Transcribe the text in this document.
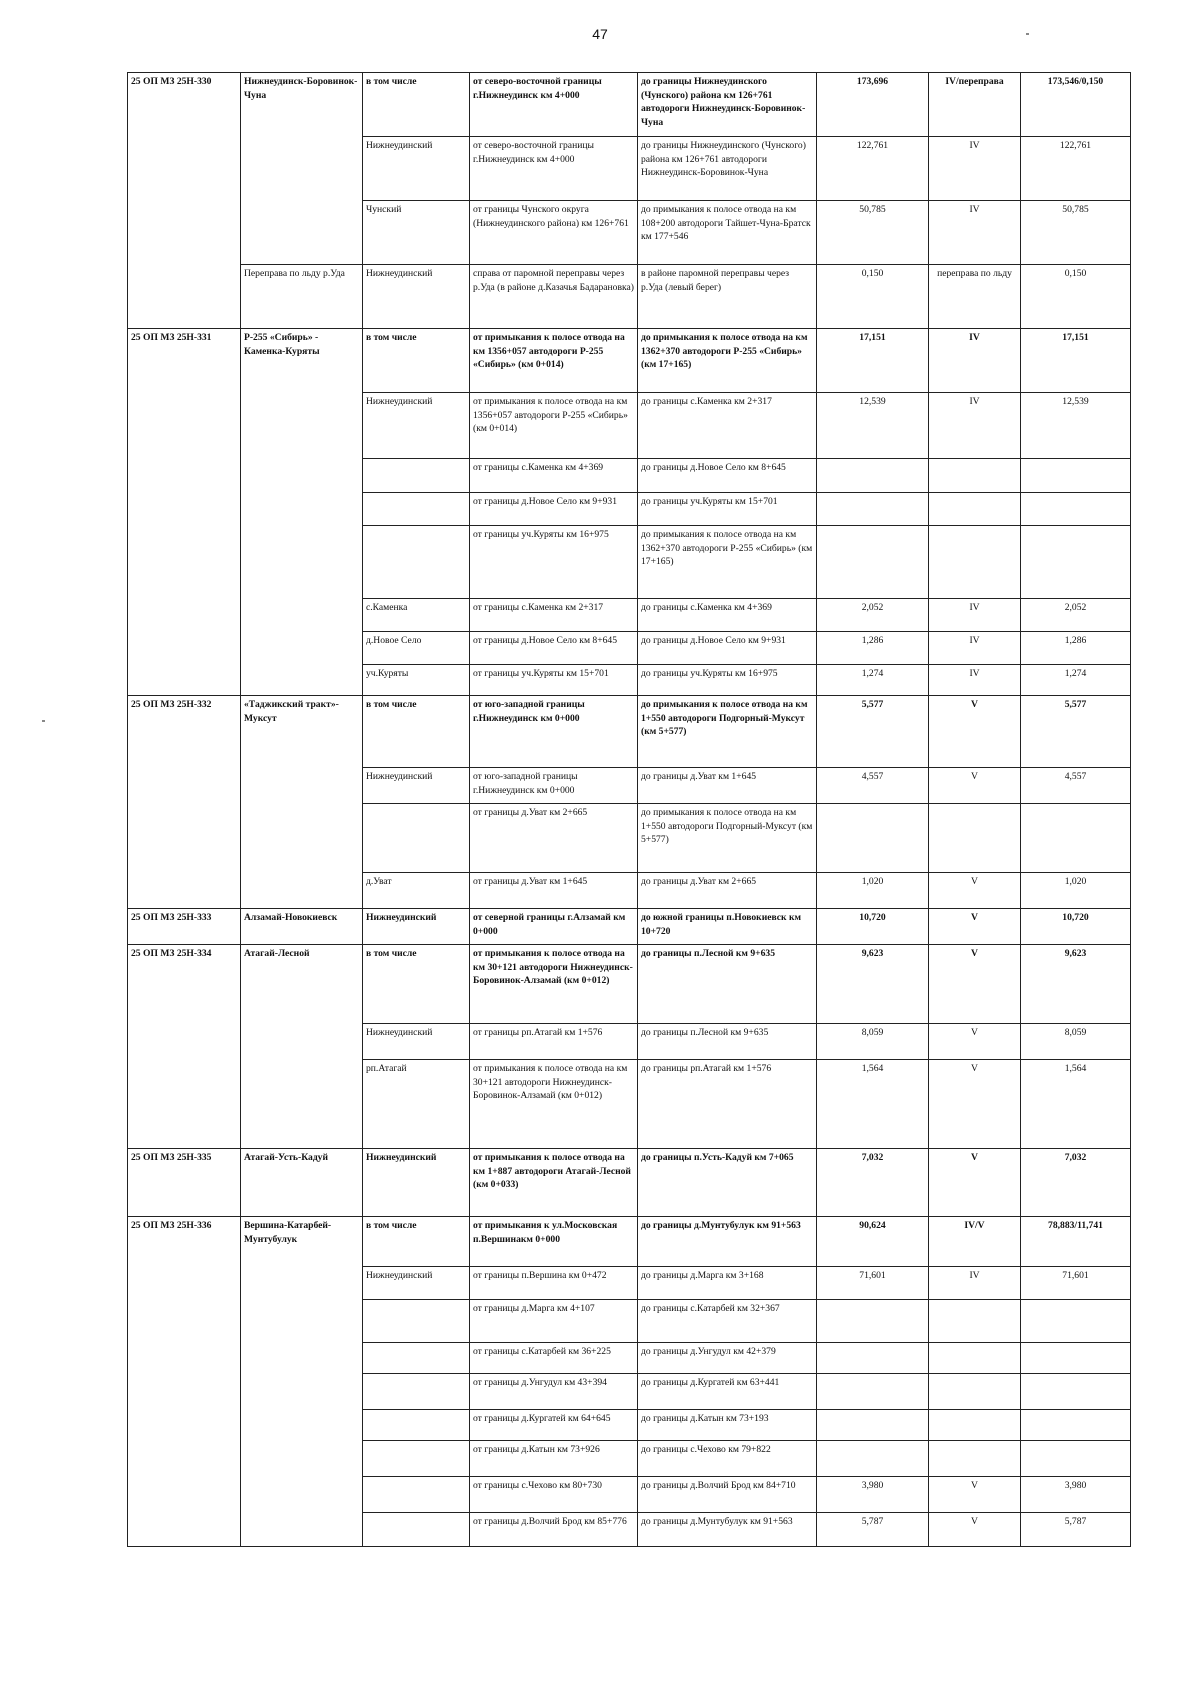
47
25 ОП МЗ 25Н-330	Нижнеудинск-Боровинок-Чуна	в том числе	от северо-восточной границы г.Нижнеудинск км 4+000	до границы Нижнеудинского (Чунского) района км 126+761 автодороги Нижнеудинск-Боровинок-Чуна	173,696	IV/переправа	173,546/0,150
		Нижнеудинский	от северо-восточной границы г.Нижнеудинск км 4+000	до границы Нижнеудинского (Чунского) района км 126+761 автодороги Нижнеудинск-Боровинок-Чуна	122,761	IV	122,761
		Чунский	от границы Чунского округа (Нижнеудинского района) км 126+761	до примыкания к полосе отвода на км 108+200 автодороги Тайшет-Чуна-Братск км 177+546	50,785	IV	50,785
	Переправа по льду р.Уда	Нижнеудинский	справа от паромной переправы через р.Уда (в районе д.Казачья Бадарановка)	в районе паромной переправы через р.Уда (левый берег)	0,150	переправа по льду	0,150
25 ОП МЗ 25Н-331	Р-255 «Сибирь» - Каменка-Куряты	в том числе	от примыкания к полосе отвода на км 1356+057 автодороги Р-255 «Сибирь» (км 0+014)	до примыкания к полосе отвода на км 1362+370 автодороги Р-255 «Сибирь» (км 17+165)	17,151	IV	17,151
		Нижнеудинский	от примыкания к полосе отвода на км 1356+057 автодороги Р-255 «Сибирь» (км 0+014)	до границы с.Каменка км 2+317	12,539	IV	12,539
			от границы с.Каменка км 4+369	до границы д.Новое Село км 8+645			
			от границы д.Новое Село км 9+931	до границы уч.Куряты км 15+701			
			от границы уч.Куряты км 16+975	до примыкания к полосе отвода на км 1362+370 автодороги Р-255 «Сибирь» (км 17+165)			
		с.Каменка	от границы с.Каменка км 2+317	до границы с.Каменка км 4+369	2,052	IV	2,052
		д.Новое Село	от границы д.Новое Село км 8+645	до границы д.Новое Село км 9+931	1,286	IV	1,286
		уч.Куряты	от границы уч.Куряты км 15+701	до границы уч.Куряты км 16+975	1,274	IV	1,274
25 ОП МЗ 25Н-332	«Таджикский тракт»-Муксут	в том числе	от юго-западной границы г.Нижнеудинск км 0+000	до примыкания к полосе отвода на км 1+550 автодороги Подгорный-Муксут (км 5+577)	5,577	V	5,577
		Нижнеудинский	от юго-западной границы г.Нижнеудинск км 0+000	до границы д.Уват км 1+645	4,557	V	4,557
			от границы д.Уват км 2+665	до примыкания к полосе отвода на км 1+550 автодороги Подгорный-Муксут (км 5+577)			
		д.Уват	от границы д.Уват км 1+645	до границы д.Уват км 2+665	1,020	V	1,020
25 ОП МЗ 25Н-333	Алзамай-Новокиевск	Нижнеудинский	от северной границы г.Алзамай км 0+000	до южной границы п.Новокиевск км 10+720	10,720	V	10,720
25 ОП МЗ 25Н-334	Атагай-Лесной	в том числе	от примыкания к полосе отвода на км 30+121 автодороги Нижнеудинск-Боровинок-Алзамай (км 0+012)	до границы п.Лесной км 9+635	9,623	V	9,623
		Нижнеудинский	от границы рп.Атагай км 1+576	до границы п.Лесной км 9+635	8,059	V	8,059
		рп.Атагай	от примыкания к полосе отвода на км 30+121 автодороги Нижнеудинск-Боровинок-Алзамай (км 0+012)	до границы рп.Атагай км 1+576	1,564	V	1,564
25 ОП МЗ 25Н-335	Атагай-Усть-Кадуй	Нижнеудинский	от примыкания к полосе отвода на км 1+887 автодороги Атагай-Лесной (км 0+033)	до границы п.Усть-Кадуй км 7+065	7,032	V	7,032
25 ОП МЗ 25Н-336	Вершина-Катарбей-Мунтубулук	в том числе	от примыкания к ул.Московская п.Вершинакм 0+000	до границы д.Мунтубулук км 91+563	90,624	IV/V	78,883/11,741
		Нижнеудинский	от границы п.Вершина км 0+472	до границы д.Марга км 3+168	71,601	IV	71,601
			от границы д.Марга км 4+107	до границы с.Катарбей км 32+367			
			от границы с.Катарбей км 36+225	до границы д.Унгудул км 42+379			
			от границы д.Унгудул км 43+394	до границы д.Кургатей км 63+441			
			от границы д.Кургатей км 64+645	до границы д.Катын км 73+193			
			от границы д.Катын км 73+926	до границы с.Чехово км 79+822			
			от границы с.Чехово км 80+730	до границы д.Волчий Брод км 84+710	3,980	V	3,980
			от границы д.Волчий Брод км 85+776	до границы д.Мунтубулук км 91+563	5,787	V	5,787
